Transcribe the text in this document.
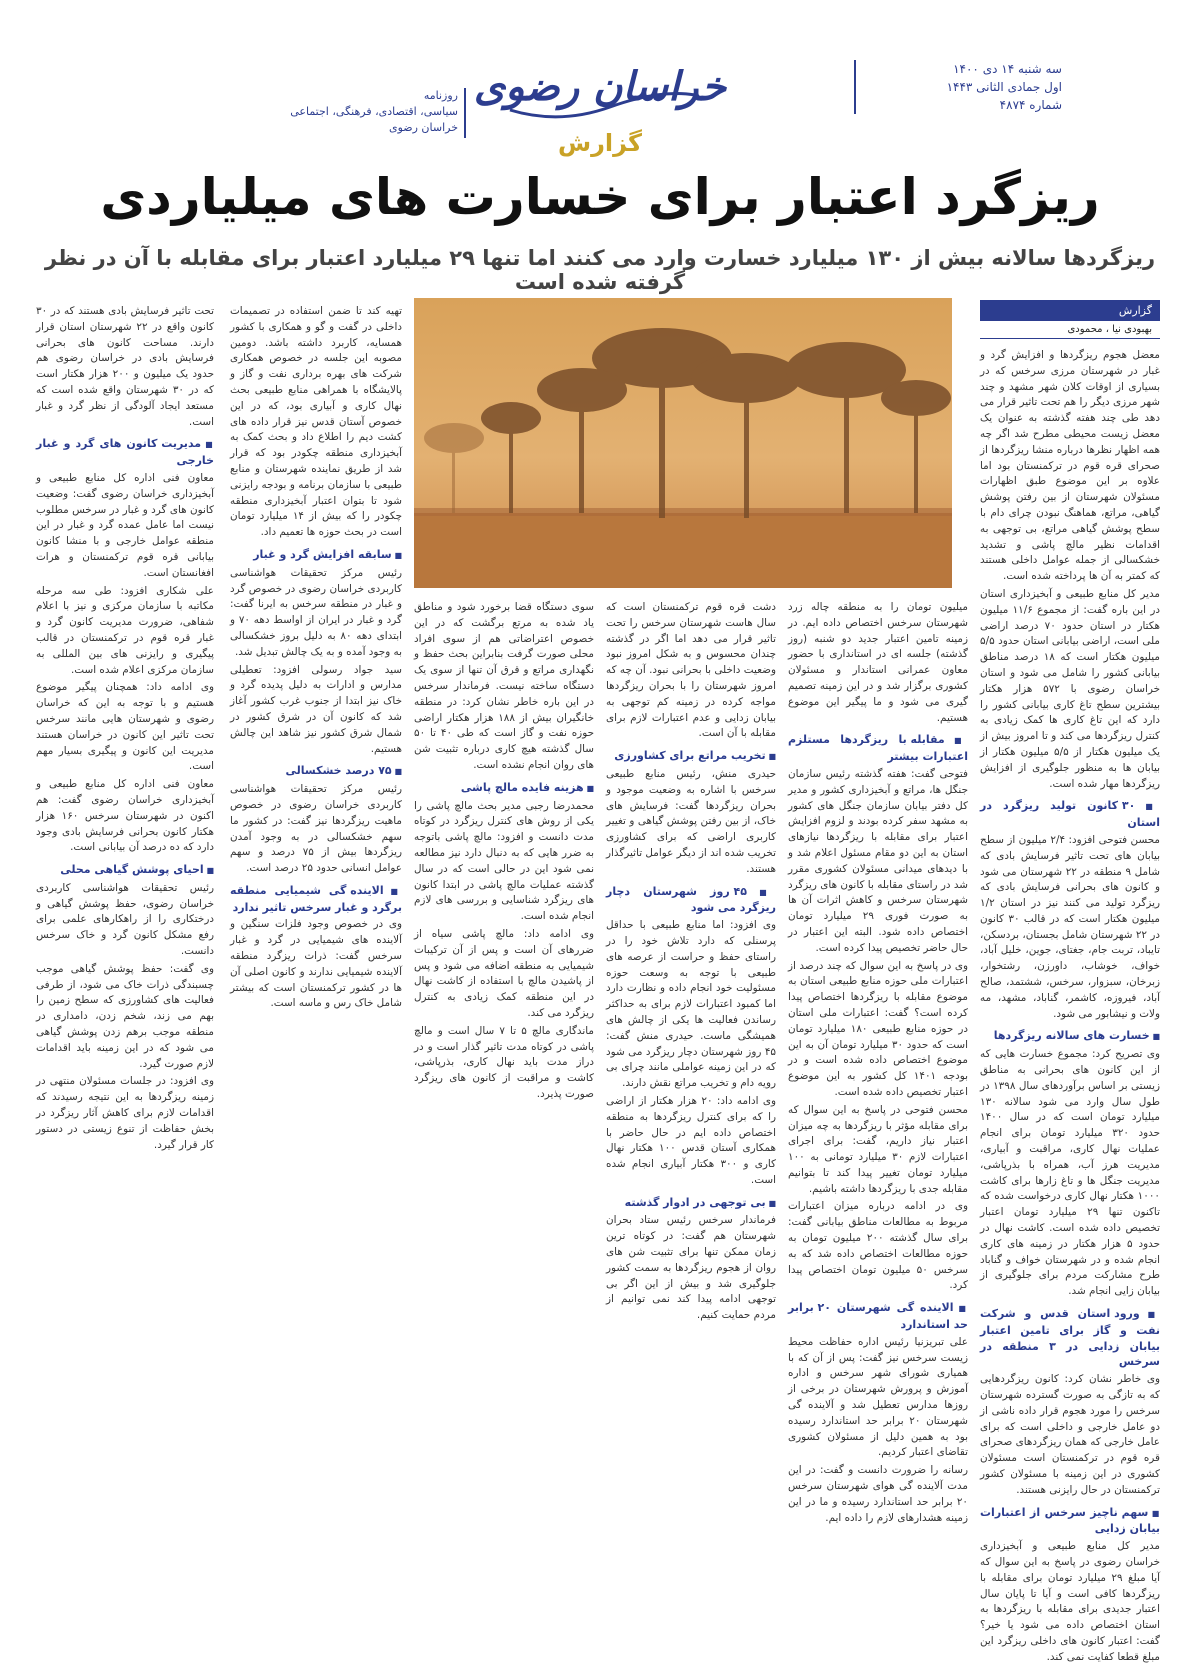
سه شنبه ۱۴ دی ۱۴۰۰
اول جمادی الثانی ۱۴۴۳
شماره ۴۸۷۴
خراسان رضوی
گزارش
روزنامه
سیاسی، اقتصادی، فرهنگی، اجتماعی
خراسان رضوی
ریزگرد اعتبار برای خسارت های میلیاردی
ریزگردها سالانه بیش از ۱۳۰ میلیارد خسارت وارد می کنند اما تنها ۲۹ میلیارد اعتبار برای مقابله با آن در نظر گرفته شده است
گزارش
بهبودی نیا ، محمودی

معضل هجوم ریزگردها و افزایش گرد و غبار در شهرستان مرزی سرخس که در بسیاری از اوقات کلان شهر مشهد و چند شهر مرزی دیگر را هم تحت تاثیر قرار می دهد طی چند هفته گذشته به عنوان یک معضل زیست محیطی مطرح شد اگر چه همه اظهار نظرها درباره منشا ریزگردها از صحرای قره قوم در ترکمنستان بود اما علاوه بر این موضوع طبق اظهارات مسئولان شهرستان از بین رفتن پوشش گیاهی، مراتع، هماهنگ نبودن چرای دام با سطح پوشش گیاهی مراتع، بی توجهی به اقدامات نظیر مالچ پاشی و تشدید خشکسالی از جمله عوامل داخلی هستند که کمتر به آن ها پرداخته شده است.

مدیر کل منابع طبیعی و آبخیزداری استان در این باره گفت: از مجموع ۱۱/۶ میلیون هکتار در استان حدود ۷۰ درصد اراضی ملی است، اراضی بیابانی استان حدود ۵/۵ میلیون هکتار است که ۱۸ درصد مناطق بیابانی کشور را شامل می شود و استان خراسان رضوی با ۵۷۲ هزار هکتار بیشترین سطح تاغ کاری بیابانی کشور را دارد که این تاغ کاری ها کمک زیادی به کنترل ریزگردها می کند و تا امروز بیش از یک میلیون هکتار از ۵/۵ میلیون هکتار از بیابان ها به منظور جلوگیری از افزایش ریزگردها مهار شده است.

■ ۳۰ کانون تولید ریزگرد در استان

محسن فتوحی افزود: ۲/۴ میلیون از سطح بیابان های تحت تاثیر فرسایش بادی که شامل ۹ منطقه در ۲۲ شهرستان می شود و کانون های بحرانی فرسایش بادی که ریزگرد تولید می کنند نیز در استان ۱/۲ میلیون هکتار است که در قالب ۳۰ کانون در ۲۲ شهرستان شامل بجستان، بردسکن، تایباد، تربت جام، جغتای، جوین، خلیل آباد، خواف، خوشاب، داورزن، رشتخوار، زبرخان، سبزوار، سرخس، ششتمد، صالح آباد، فیروزه، کاشمر، گناباد، مشهد، مه ولات و نیشابور می شود.

■ خسارت های سالانه ریزگردها

وی تصریح کرد: مجموع خسارت هایی که از این کانون های بحرانی به مناطق زیستی بر اساس برآوردهای سال ۱۳۹۸ در طول سال وارد می شود سالانه ۱۳۰ میلیارد تومان است که در سال ۱۴۰۰ حدود ۳۲۰ میلیارد تومان برای انجام عملیات نهال کاری، مراقبت و آبیاری، مدیریت هرز آب، همراه با بذرپاشی، مدیریت جنگل ها و تاغ زارها برای کاشت ۱۰۰۰ هکتار نهال کاری درخواست شده که تاکنون تنها ۲۹ میلیارد تومان اعتبار تخصیص داده شده است. کاشت نهال در حدود ۵ هزار هکتار در زمینه های کاری انجام شده و در شهرستان خواف و گناباد طرح مشارکت مردم برای جلوگیری از بیابان زایی انجام شد.

■ ورود استان قدس و شرکت نفت و گاز برای تامین اعتبار بیابان زدایی در ۳ منطقه در سرخس

وی خاطر نشان کرد: کانون ریزگردهایی که به تازگی به صورت گسترده شهرستان سرخس را مورد هجوم قرار داده ناشی از دو عامل خارجی و داخلی است که برای عامل خارجی که همان ریزگردهای صحرای قره قوم در ترکمنستان است مسئولان کشوری در این زمینه با مسئولان کشور ترکمنستان در حال رایزنی هستند.

■ سهم ناچیز سرخس از اعتبارات بیابان زدایی

مدیر کل منابع طبیعی و آبخیزداری خراسان رضوی در پاسخ به این سوال که آیا مبلغ ۲۹ میلیارد تومان برای مقابله با ریزگردها کافی است و آیا تا پایان سال اعتبار جدیدی برای مقابله با ریزگردها به استان اختصاص داده می شود یا خیر؟ گفت: اعتبار کانون های داخلی ریزگرد این مبلغ قطعا کفایت نمی کند.

میلیون تومان را به منطقه چاله زرد شهرستان سرخس اختصاص داده ایم. در زمینه تامین اعتبار جدید دو شنبه (روز گذشته) جلسه ای در استانداری با حضور معاون عمرانی استاندار و مسئولان کشوری برگزار شد و در این زمینه تصمیم گیری می شود و ما پیگیر این موضوع هستیم.

■ مقابله با ریزگردها مستلزم اعتبارات بیشتر

فتوحی گفت: هفته گذشته رئیس سازمان جنگل ها، مراتع و آبخیزداری کشور و مدیر کل دفتر بیابان سازمان جنگل های کشور به مشهد سفر کرده بودند و لزوم افزایش اعتبار برای مقابله با ریزگردها نیازهای استان به این دو مقام مسئول اعلام شد و با دیدهای میدانی مسئولان کشوری مقرر شد در راستای مقابله با کانون های ریزگرد شهرستان سرخس و کاهش اثرات آن ها به صورت فوری ۲۹ میلیارد تومان اختصاص داده شود. البته این اعتبار در حال حاضر تخصیص پیدا کرده است.

وی در پاسخ به این سوال که چند درصد از اعتبارات ملی حوزه منابع طبیعی استان به موضوع مقابله با ریزگردها اختصاص پیدا کرده است؟ گفت: اعتبارات ملی استان در حوزه منابع طبیعی ۱۸۰ میلیارد تومان است که حدود ۳۰ میلیارد تومان آن به این موضوع اختصاص داده شده است و در بودجه ۱۴۰۱ کل کشور به این موضوع اعتبار تخصیص داده شده است.

محسن فتوحی در پاسخ به این سوال که برای مقابله مؤثر با ریزگردها به چه میزان اعتبار نیاز داریم، گفت: برای اجرای اعتبارات لازم ۳۰ میلیارد تومانی به ۱۰۰ میلیارد تومان تغییر پیدا کند تا بتوانیم مقابله جدی با ریزگردها داشته باشیم.

وی در ادامه درباره میزان اعتبارات مربوط به مطالعات مناطق بیابانی گفت: برای سال گذشته ۲۰۰ میلیون تومان به حوزه مطالعات اختصاص داده شد که به سرخس ۵۰ میلیون تومان اختصاص پیدا کرد.

■ الاینده گی شهرستان ۲۰ برابر حد استاندارد

علی تبریزنیا رئیس اداره حفاظت محیط زیست سرخس نیز گفت: پس از آن که با همیاری شورای شهر سرخس و اداره آموزش و پرورش شهرستان در برخی از روزها مدارس تعطیل شد و آلاینده گی شهرستان ۲۰ برابر حد استاندارد رسیده بود به همین دلیل از مسئولان کشوری تقاضای اعتبار کردیم.

رسانه را ضرورت دانست و گفت: در این مدت آلاینده گی هوای شهرستان سرخس ۲۰ برابر حد استاندارد رسیده و ما در این زمینه هشدارهای لازم را داده ایم.

دشت قره قوم ترکمنستان است که سال هاست شهرستان سرخس را تحت تاثیر قرار می دهد اما اگر در گذشته چندان محسوس و به شکل امروز نبود وضعیت داخلی با بحرانی نبود. آن چه که امروز شهرستان را با بحران ریزگردها مواجه کرده در زمینه کم توجهی به بیابان زدایی و عدم اعتبارات لازم برای مقابله با آن است.

■ تخریب مراتع برای کشاورزی

حیدری منش، رئیس منابع طبیعی سرخس با اشاره به وضعیت موجود و بحران ریزگردها گفت: فرسایش های خاک، از بین رفتن پوشش گیاهی و تغییر کاربری اراضی که برای کشاورزی تخریب شده اند از دیگر عوامل تاثیرگذار هستند.

■ ۴۵ روز شهرستان دچار ریزگرد می شود

وی افزود: اما منابع طبیعی با حداقل پرسنلی که دارد تلاش خود را در راستای حفظ و حراست از عرصه های طبیعی با توجه به وسعت حوزه مسئولیت خود انجام داده و نظارت دارد اما کمبود اعتبارات لازم برای به حداکثر رساندن فعالیت ها یکی از چالش های همیشگی ماست. حیدری منش گفت: ۴۵ روز شهرستان دچار ریزگرد می شود که در این زمینه عواملی مانند چرای بی رویه دام و تخریب مراتع نقش دارند.

وی ادامه داد: ۲۰ هزار هکتار از اراضی را که برای کنترل ریزگردها به منطقه اختصاص داده ایم در حال حاضر با همکاری آستان قدس ۱۰۰ هکتار نهال کاری و ۳۰۰ هکتار آبیاری انجام شده است.

■ بی توجهی در ادوار گذشته

فرماندار سرخس رئیس ستاد بحران شهرستان هم گفت: در کوتاه ترین زمان ممکن تنها برای تثبیت شن های روان از هجوم ریزگردها به سمت کشور جلوگیری شد و بیش از این اگر بی توجهی ادامه پیدا کند نمی توانیم از مردم حمایت کنیم.

سوی دستگاه قضا برخورد شود و مناطق یاد شده به مرتع برگشت که در این خصوص اعتراضاتی هم از سوی افراد محلی صورت گرفت بنابراین بحث حفظ و نگهداری مراتع و قرق آن تنها از سوی یک دستگاه ساخته نیست. فرماندار سرخس در این باره خاطر نشان کرد: در منطقه خانگیران بیش از ۱۸۸ هزار هکتار اراضی حوزه نفت و گاز است که طی ۴۰ تا ۵۰ سال گذشته هیچ کاری درباره تثبیت شن های روان انجام نشده است.

■ هزینه فایده مالچ پاشی

محمدرضا رجبی مدیر بحث مالچ پاشی را یکی از روش های کنترل ریزگرد در کوتاه مدت دانست و افزود: مالچ پاشی باتوجه به ضرر هایی که به دنبال دارد نیز مطالعه نمی شود این در حالی است که در سال گذشته عملیات مالچ پاشی در ابتدا کانون های ریزگرد شناسایی و بررسی های لازم انجام شده است.

وی ادامه داد: مالچ پاشی سیاه از ضررهای آن است و پس از آن ترکیبات شیمیایی به منطقه اضافه می شود و پس از پاشیدن مالچ با استفاده از کاشت نهال در این منطقه کمک زیادی به کنترل ریزگرد می کند.

ماندگاری مالچ ۵ تا ۷ سال است و مالچ پاشی در کوتاه مدت تاثیر گذار است و در دراز مدت باید نهال کاری، بذرپاشی، کاشت و مراقبت از کانون های ریزگرد صورت پذیرد.

تهیه کند تا ضمن استفاده در تصمیمات داخلی در گفت و گو و همکاری با کشور همسایه، کاربرد داشته باشد. دومین مصوبه این جلسه در خصوص همکاری شرکت های بهره برداری نفت و گاز و پالایشگاه با همراهی منابع طبیعی بحث نهال کاری و آبیاری بود، که در این خصوص آستان قدس نیز قرار داده های کشت دیم را اطلاع داد و بحث کمک به آبخیزداری منطقه چکودر بود که قرار شد از طریق نماینده شهرستان و منابع طبیعی با سازمان برنامه و بودجه رایزنی شود تا بتوان اعتبار آبخیزداری منطقه چکودر را که بیش از ۱۴ میلیارد تومان است در بحث حوزه ها تعمیم داد.

■ سابقه افزایش گرد و غبار

رئیس مرکز تحقیقات هواشناسی کاربردی خراسان رضوی در خصوص گرد و غبار در منطقه سرخس به ایرنا گفت: گرد و غبار در ایران از اواسط دهه ۷۰ و ابتدای دهه ۸۰ به دلیل بروز خشکسالی به وجود آمده و به یک چالش تبدیل شد.

سید جواد رسولی افزود: تعطیلی مدارس و ادارات به دلیل پدیده گرد و خاک نیز ابتدا از جنوب غرب کشور آغاز شد که کانون آن در شرق کشور در شمال شرق کشور نیز شاهد این چالش هستیم.

■ ۷۵ درصد خشکسالی

رئیس مرکز تحقیقات هواشناسی کاربردی خراسان رضوی در خصوص ماهیت ریزگردها نیز گفت: در کشور ما سهم خشکسالی در به وجود آمدن ریزگردها بیش از ۷۵ درصد و سهم عوامل انسانی حدود ۲۵ درصد است.

■ الاینده گی شیمیایی منطقه برگرد و غبار سرخس تاثیر ندارد

وی در خصوص وجود فلزات سنگین و آلاینده های شیمیایی در گرد و غبار سرخس گفت: ذرات ریزگرد منطقه آلاینده شیمیایی ندارند و کانون اصلی آن ها در کشور ترکمنستان است که بیشتر شامل خاک رس و ماسه است.

تحت تاثیر فرسایش بادی هستند که در ۳۰ کانون واقع در ۲۲ شهرستان استان قرار دارند. مساحت کانون های بحرانی فرسایش بادی در خراسان رضوی هم حدود یک میلیون و ۲۰۰ هزار هکتار است که در ۳۰ شهرستان واقع شده است که مستعد ایجاد آلودگی از نظر گرد و غبار است.

■ مدیریت کانون های گرد و غبار خارجی

معاون فنی اداره کل منابع طبیعی و آبخیزداری خراسان رضوی گفت: وضعیت کانون های گرد و غبار در سرخس مطلوب نیست اما عامل عمده گرد و غبار در این منطقه عوامل خارجی و با منشا کانون بیابانی قره قوم ترکمنستان و هرات افغانستان است.

علی شکاری افزود: طی سه مرحله مکاتبه با سازمان مرکزی و نیز با اعلام شفاهی، ضرورت مدیریت کانون گرد و غبار قره قوم در ترکمنستان در قالب پیگیری و رایزنی های بین المللی به سازمان مرکزی اعلام شده است.

وی ادامه داد: همچنان پیگیر موضوع هستیم و با توجه به این که خراسان رضوی و شهرستان هایی مانند سرخس تحت تاثیر این کانون در خراسان هستند مدیریت این کانون و پیگیری بسیار مهم است.

معاون فنی اداره کل منابع طبیعی و آبخیزداری خراسان رضوی گفت: هم اکنون در شهرستان سرخس ۱۶۰ هزار هکتار کانون بحرانی فرسایش بادی وجود دارد که ده درصد آن بیابانی است.

■ احیای پوشش گیاهی محلی

رئیس تحقیقات هواشناسی کاربردی خراسان رضوی، حفظ پوشش گیاهی و درختکاری را از راهکارهای علمی برای رفع مشکل کانون گرد و خاک سرخس دانست.

وی گفت: حفظ پوشش گیاهی موجب چسبندگی ذرات خاک می شود، از طرفی فعالیت های کشاورزی که سطح زمین را بهم می زند، شخم زدن، دامداری در منطقه موجب برهم زدن پوشش گیاهی می شود که در این زمینه باید اقدامات لازم صورت گیرد.

وی افزود: در جلسات مسئولان منتهی در زمینه ریزگردها به این نتیجه رسیدند که اقدامات لازم برای کاهش آثار ریزگرد در بخش حفاظت از تنوع زیستی در دستور کار قرار گیرد.
